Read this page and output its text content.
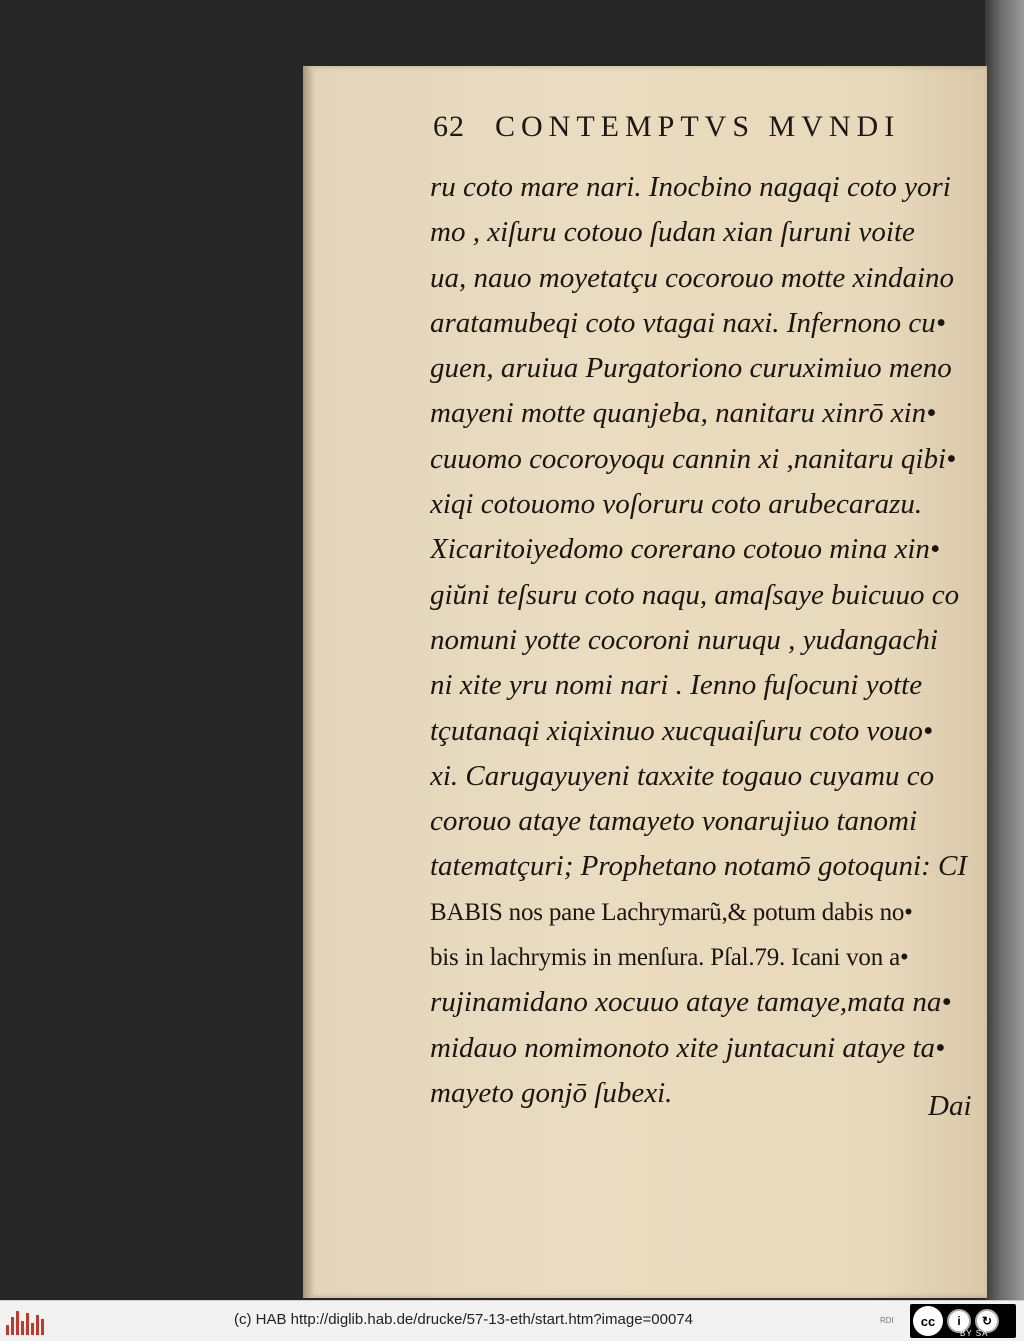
62 CONTEMPTVS MVNDI
ru coto mare nari. Inocbino nagaqi coto yori
mo , xiſuru cotouo ſudan xian ſuruni voite
ua, nauo moyetatçu cocorouo motte xindaino
aratamubeqi coto vtagai naxi. Infernono cu•
guen, aruiua Purgatoriono curuximiuo meno
mayeni motte quanjeba, nanitaru xinrō xin•
cuuomo cocoroyoqu cannin xi ,nanitaru qibi•
xiqi cotouomo voſoruru coto arubecarazu.
Xicaritoiyedomo corerano cotouo mina xin•
giŭni teſsuru coto naqu, amaſsaye buicuuo co
nomuni yotte cocoroni nuruqu , yudangachi
ni xite yru nomi nari . Ienno fuſocuni yotte
tçutanaqi xiqixinuo xucquaiſuru coto vouo•
xi. Carugayuyeni taxxite togauo cuyamu co
corouo ataye tamayeto vonarujiuo tanomi
tatematçuri; Prophetano notamō gotoquni: CI
BABIS nos pane Lachrymarũ,& potum dabis no•
bis in lachrymis in menſura. Pſal.79. Icani von a•
rujinamidano xocuuo ataye tamaye,mata na•
midauo nomimonoto xite juntacuni ataye ta•
mayeto gonjō ſubexi.	Dai
(c) HAB http://diglib.hab.de/drucke/57-13-eth/start.htm?image=00074	RDI	cc	i	↻
BY SA
